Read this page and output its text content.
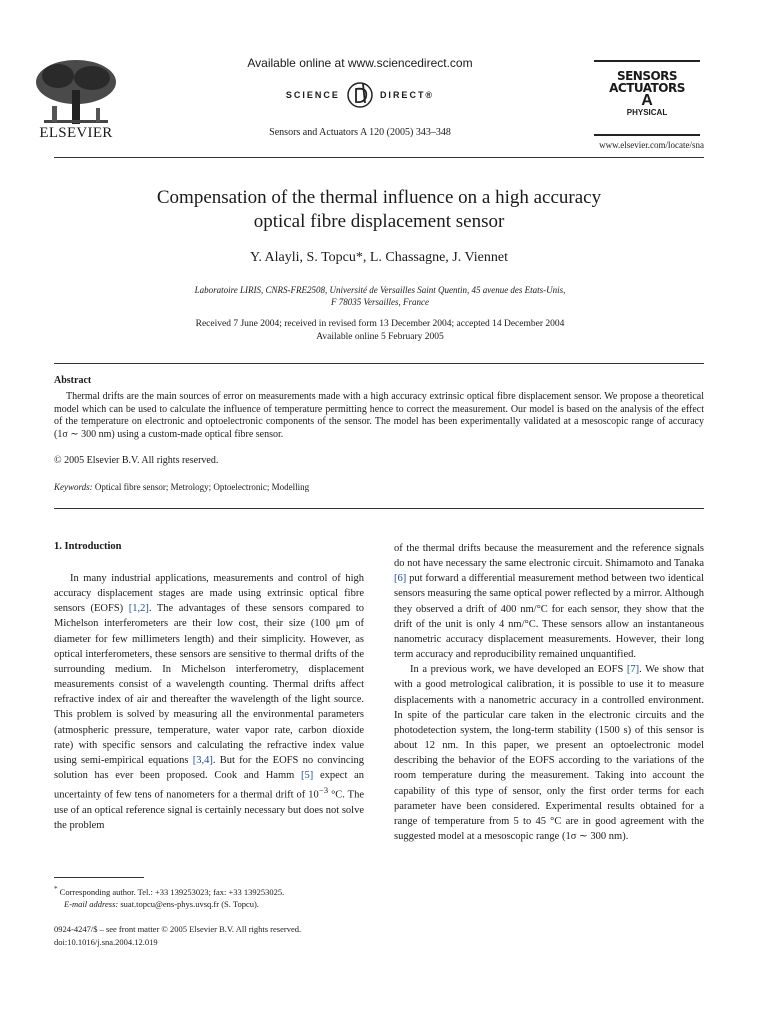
ELSEVIER
Available online at www.sciencedirect.com
SCIENCE	DIRECT®
Sensors and Actuators A 120 (2005) 343–348
SENSORS
ACTUATORS
A
PHYSICAL
www.elsevier.com/locate/sna
Compensation of the thermal influence on a high accuracy
optical fibre displacement sensor
Y. Alayli, S. Topcu*, L. Chassagne, J. Viennet
Laboratoire LIRIS, CNRS-FRE2508, Université de Versailles Saint Quentin, 45 avenue des Etats-Unis,
F 78035 Versailles, France
Received 7 June 2004; received in revised form 13 December 2004; accepted 14 December 2004
Available online 5 February 2005
Abstract

Thermal drifts are the main sources of error on measurements made with a high accuracy extrinsic optical fibre displacement sensor. We propose a theoretical model which can be used to calculate the influence of temperature permitting hence to correct the measurement. Our model is based on the analysis of the effect of the temperature on electronic and optoelectronic components of the sensor. The model has been experimentally validated at a mesoscopic range of accuracy (1σ ∼ 300 nm) using a custom-made optical fibre sensor.

© 2005 Elsevier B.V. All rights reserved.
Keywords: Optical fibre sensor; Metrology; Optoelectronic; Modelling
1. Introduction

In many industrial applications, measurements and control of high accuracy displacement stages are made using extrinsic optical fibre sensors (EOFS) [1,2]. The advantages of these sensors compared to Michelson interferometers are their low cost, their size (100 μm of diameter for few millimeters length) and their simplicity. However, as optical interferometers, these sensors are sensitive to thermal drifts of the surrounding medium. In Michelson interferometry, displacement measurements consist of a wavelength counting. Thermal drifts affect refractive index of air and thereafter the wavelength of the light source. This problem is solved by measuring all the environmental parameters (atmospheric pressure, temperature, water vapor rate, carbon dioxide rate) with specific sensors and calculating the refractive index value using semi-empirical equations [3,4]. But for the EOFS no convincing solution has ever been proposed. Cook and Hamm [5] expect an uncertainty of few tens of nanometers for a thermal drift of $10^{-3}$ °C. The use of an optical reference signal is certainly necessary but does not solve the problem

of the thermal drifts because the measurement and the reference signals do not have necessary the same electronic circuit. Shimamoto and Tanaka [6] put forward a differential measurement method between two identical sensors measuring the same optical power reflected by a mirror. Although they observed a drift of 400 nm/°C for each sensor, they show that the drift of the unit is only 4 nm/°C. These sensors allow an instantaneous nanometric accuracy displacement measurements. However, their long term accuracy and reproducibility remained unquantified.

In a previous work, we have developed an EOFS [7]. We show that with a good metrological calibration, it is possible to use it to measure displacements with a nanometric accuracy in a controlled environment. In spite of the particular care taken in the electronic circuits and the photodetection system, the long-term stability (1500 s) of this sensor is about 12 nm. In this paper, we present an optoelectronic model describing the behavior of the EOFS according to the variations of the room temperature during the measurement. Taking into account the capability of this type of sensor, only the first order terms for each parameter have been considered. Experimental results obtained for a range of temperature from 5 to 45 °C are in good agreement with the suggested model at a mesoscopic range (1σ ∼ 300 nm).

* Corresponding author. Tel.: +33 139253023; fax: +33 139253025.
E-mail address: suat.topcu@ens-phys.uvsq.fr (S. Topcu).
0924-4247/$ – see front matter © 2005 Elsevier B.V. All rights reserved.
doi:10.1016/j.sna.2004.12.019
